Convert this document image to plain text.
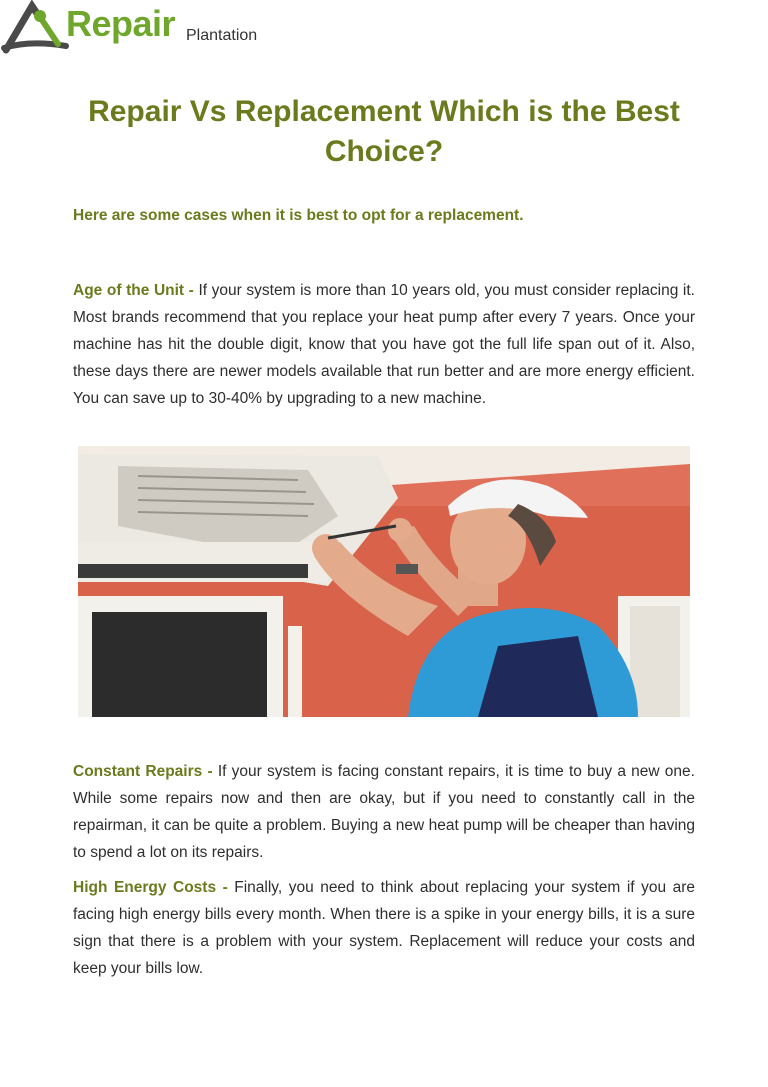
Repair Plantation
Repair Vs Replacement Which is the Best Choice?

Here are some cases when it is best to opt for a replacement.

Age of the Unit - If your system is more than 10 years old, you must consider replacing it. Most brands recommend that you replace your heat pump after every 7 years. Once your machine has hit the double digit, know that you have got the full life span out of it. Also, these days there are newer models available that run better and are more energy efficient. You can save up to 30-40% by upgrading to a new machine.

Constant Repairs - If your system is facing constant repairs, it is time to buy a new one. While some repairs now and then are okay, but if you need to constantly call in the repairman, it can be quite a problem. Buying a new heat pump will be cheaper than having to spend a lot on its repairs.

High Energy Costs - Finally, you need to think about replacing your system if you are facing high energy bills every month. When there is a spike in your energy bills, it is a sure sign that there is a problem with your system. Replacement will reduce your costs and keep your bills low.
